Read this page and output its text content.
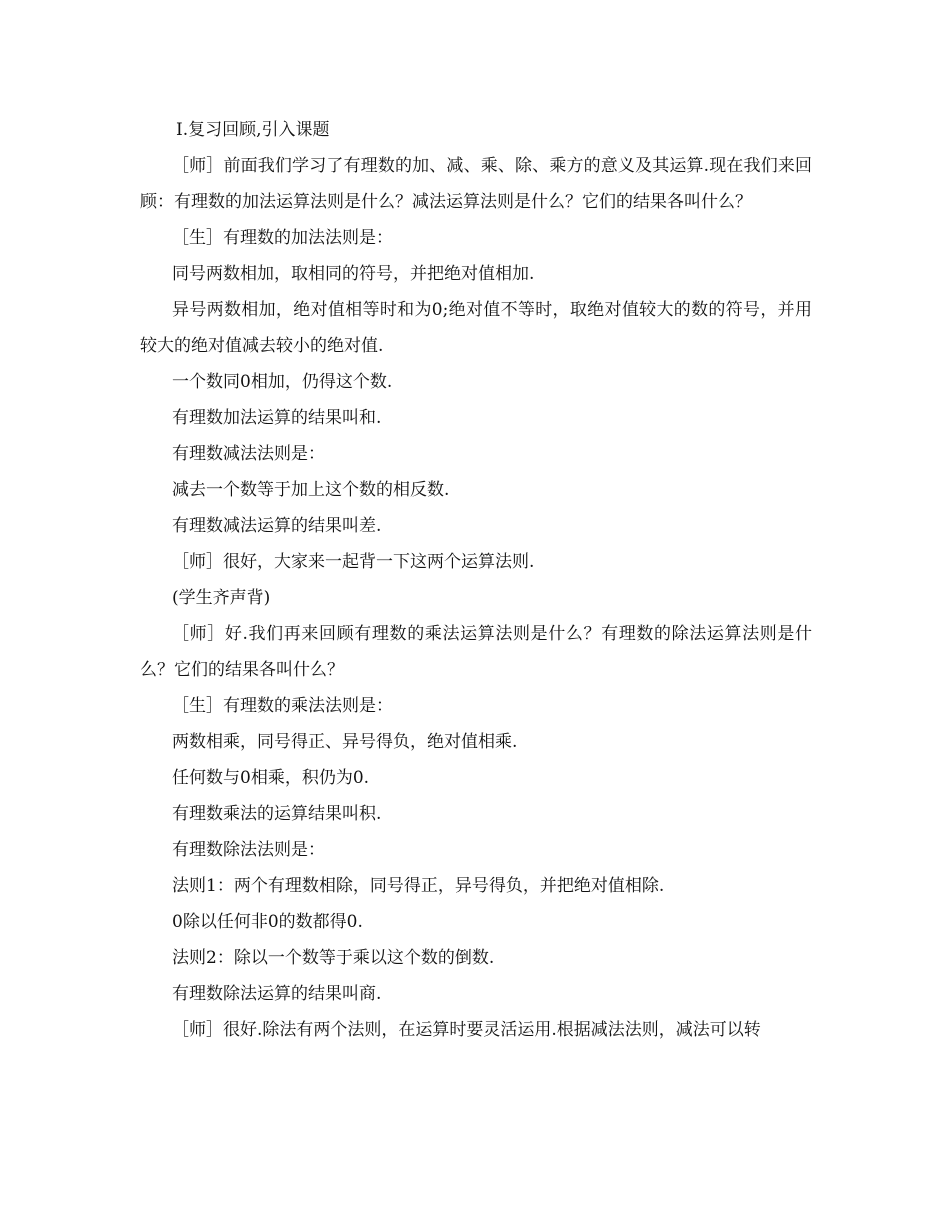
Ⅰ.复习回顾,引入课题

［师］前面我们学习了有理数的加、减、乘、除、乘方的意义及其运算.现在我们来回顾：有理数的加法运算法则是什么？减法运算法则是什么？它们的结果各叫什么？

［生］有理数的加法法则是：

同号两数相加，取相同的符号，并把绝对值相加.

异号两数相加，绝对值相等时和为0;绝对值不等时，取绝对值较大的数的符号，并用较大的绝对值减去较小的绝对值.

一个数同0相加，仍得这个数.

有理数加法运算的结果叫和.

有理数减法法则是：

减去一个数等于加上这个数的相反数.

有理数减法运算的结果叫差.

［师］很好，大家来一起背一下这两个运算法则.

(学生齐声背)

［师］好.我们再来回顾有理数的乘法运算法则是什么？有理数的除法运算法则是什么？它们的结果各叫什么？

［生］有理数的乘法法则是：

两数相乘，同号得正、异号得负，绝对值相乘.

任何数与0相乘，积仍为0.

有理数乘法的运算结果叫积.

有理数除法法则是：

法则1：两个有理数相除，同号得正，异号得负，并把绝对值相除.

0除以任何非0的数都得0.

法则2：除以一个数等于乘以这个数的倒数.

有理数除法运算的结果叫商.

［师］很好.除法有两个法则，在运算时要灵活运用.根据减法法则，减法可以转
